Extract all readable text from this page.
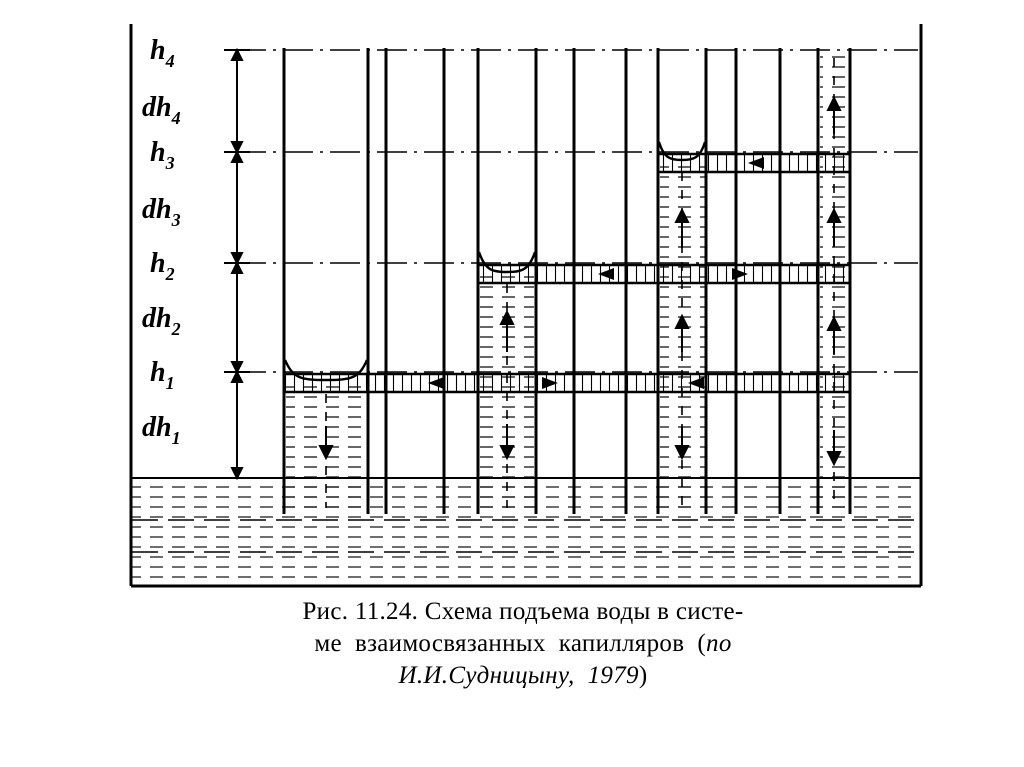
$h_4$
$dh_4$
$h_3$
$dh_3$
$h_2$
$dh_2$
$h_1$
$dh_1$
Рис. 11.24. Схема подъема воды в систе-
ме  взаимосвязанных  капилляров  (по
И.И.Судницыну,  1979)
